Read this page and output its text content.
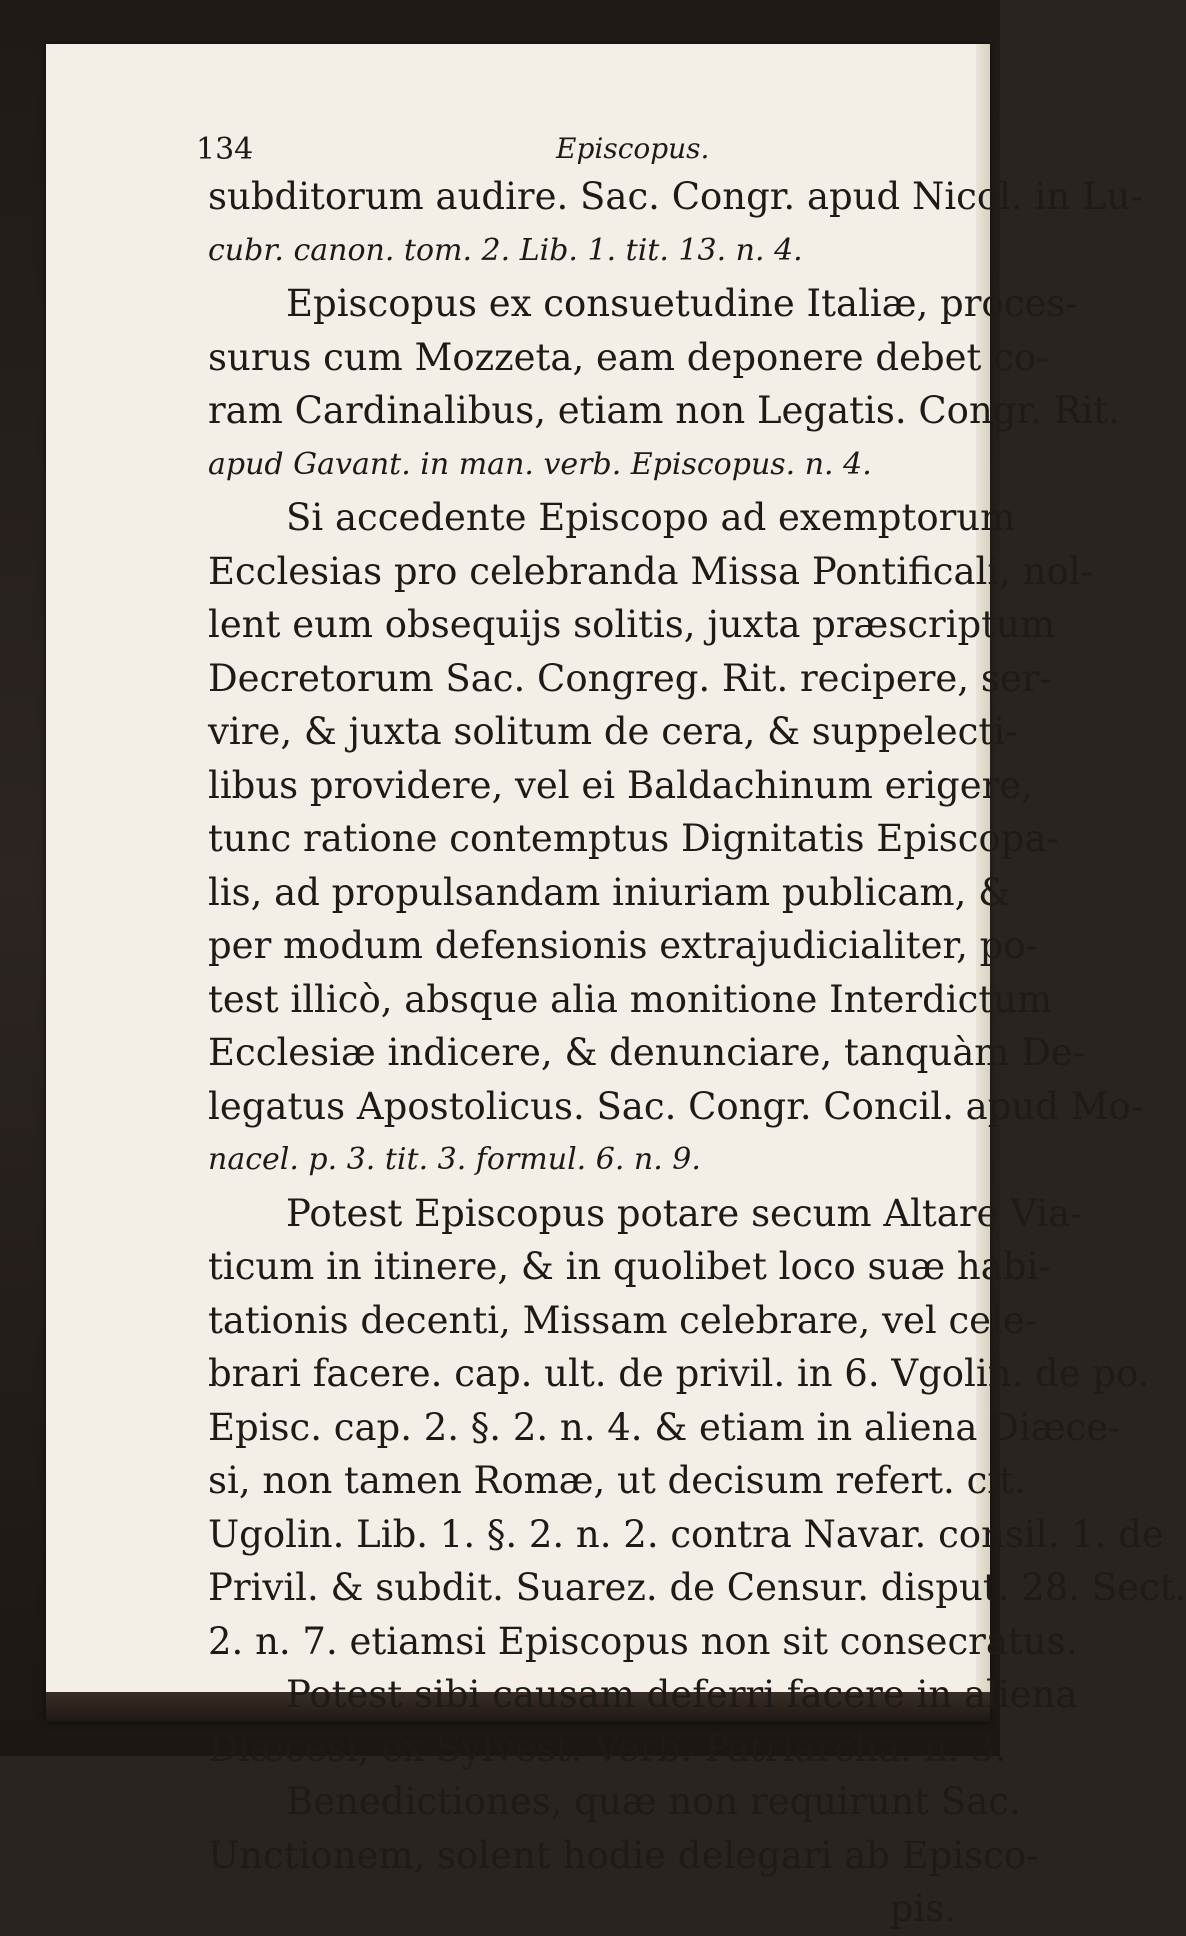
134	Episcopus.
subditorum audire. Sac. Congr. apud Nicol. in Lu-
cubr. canon. tom. 2. Lib. 1. tit. 13. n. 4.
Episcopus ex consuetudine Italiæ, proces-
surus cum Mozzeta, eam deponere debet co-
ram Cardinalibus, etiam non Legatis. Congr. Rit.
apud Gavant. in man. verb. Episcopus. n. 4.
Si accedente Episcopo ad exemptorum
Ecclesias pro celebranda Missa Pontificali, nol-
lent eum obsequijs solitis, juxta præscriptum
Decretorum Sac. Congreg. Rit. recipere, ser-
vire, & juxta solitum de cera, & suppelecti-
libus providere, vel ei Baldachinum erigere,
tunc ratione contemptus Dignitatis Episcopa-
lis, ad propulsandam iniuriam publicam, &
per modum defensionis extrajudicialiter, po-
test illicò, absque alia monitione Interdictum
Ecclesiæ indicere, & denunciare, tanquàm De-
legatus Apostolicus. Sac. Congr. Concil. apud Mo-
nacel. p. 3. tit. 3. formul. 6. n. 9.
Potest Episcopus potare secum Altare Via-
ticum in itinere, & in quolibet loco suæ habi-
tationis decenti, Missam celebrare, vel cele-
brari facere. cap. ult. de privil. in 6. Vgolin. de po.
Episc. cap. 2. §. 2. n. 4. & etiam in aliena Diæce-
si, non tamen Romæ, ut decisum refert. cit.
Ugolin. Lib. 1. §. 2. n. 2. contra Navar. consil. 1. de
Privil. & subdit. Suarez. de Censur. disput. 28. Sect.
2. n. 7. etiamsi Episcopus non sit consecratus.
Potest sibi causam deferri facere in aliena
Diæcesi, ex Sylvest. Verb. Patriarcha. n. 3.
Benedictiones, quæ non requirunt Sac.
Unctionem, solent hodie delegari ab Episco-
pis.
